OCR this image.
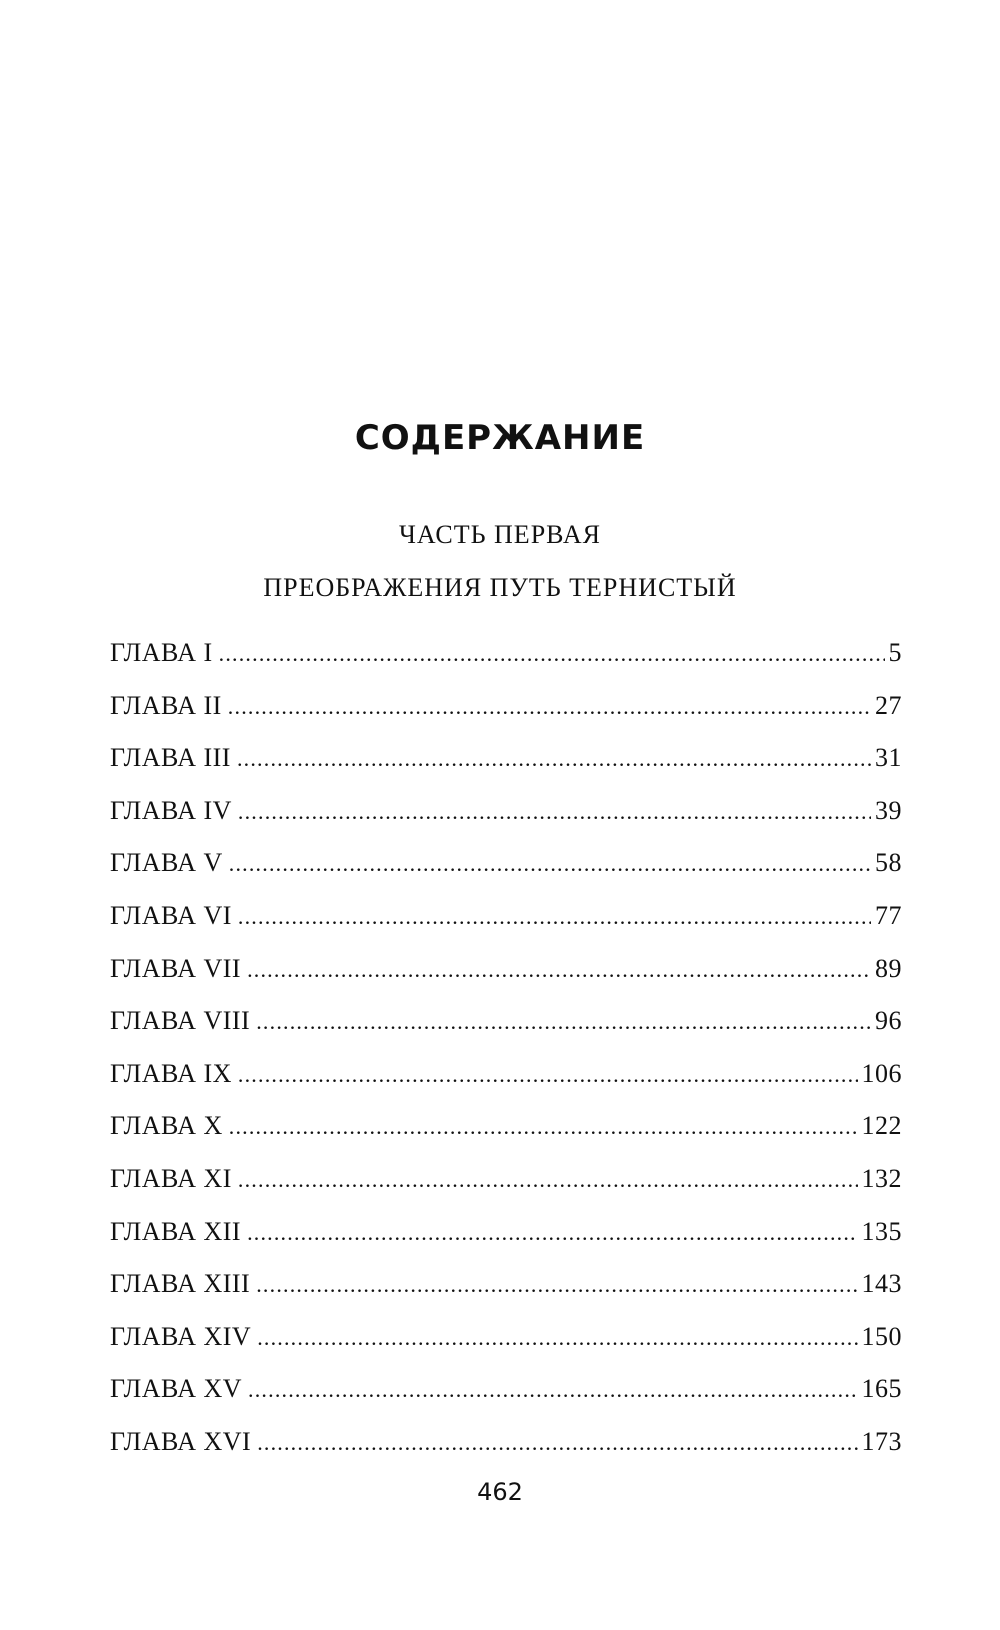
СОДЕРЖАНИЕ
ЧАСТЬ ПЕРВАЯ
ПРЕОБРАЖЕНИЯ ПУТЬ ТЕРНИСТЫЙ
ГЛАВА I .....	5
ГЛАВА II .....	27
ГЛАВА III .....	31
ГЛАВА IV .....	39
ГЛАВА V .....	58
ГЛАВА VI .....	77
ГЛАВА VII .....	89
ГЛАВА VIII .....	96
ГЛАВА IX .....	106
ГЛАВА X .....	122
ГЛАВА XI .....	132
ГЛАВА XII .....	135
ГЛАВА XIII .....	143
ГЛАВА XIV .....	150
ГЛАВА XV .....	165
ГЛАВА XVI .....	173
462
